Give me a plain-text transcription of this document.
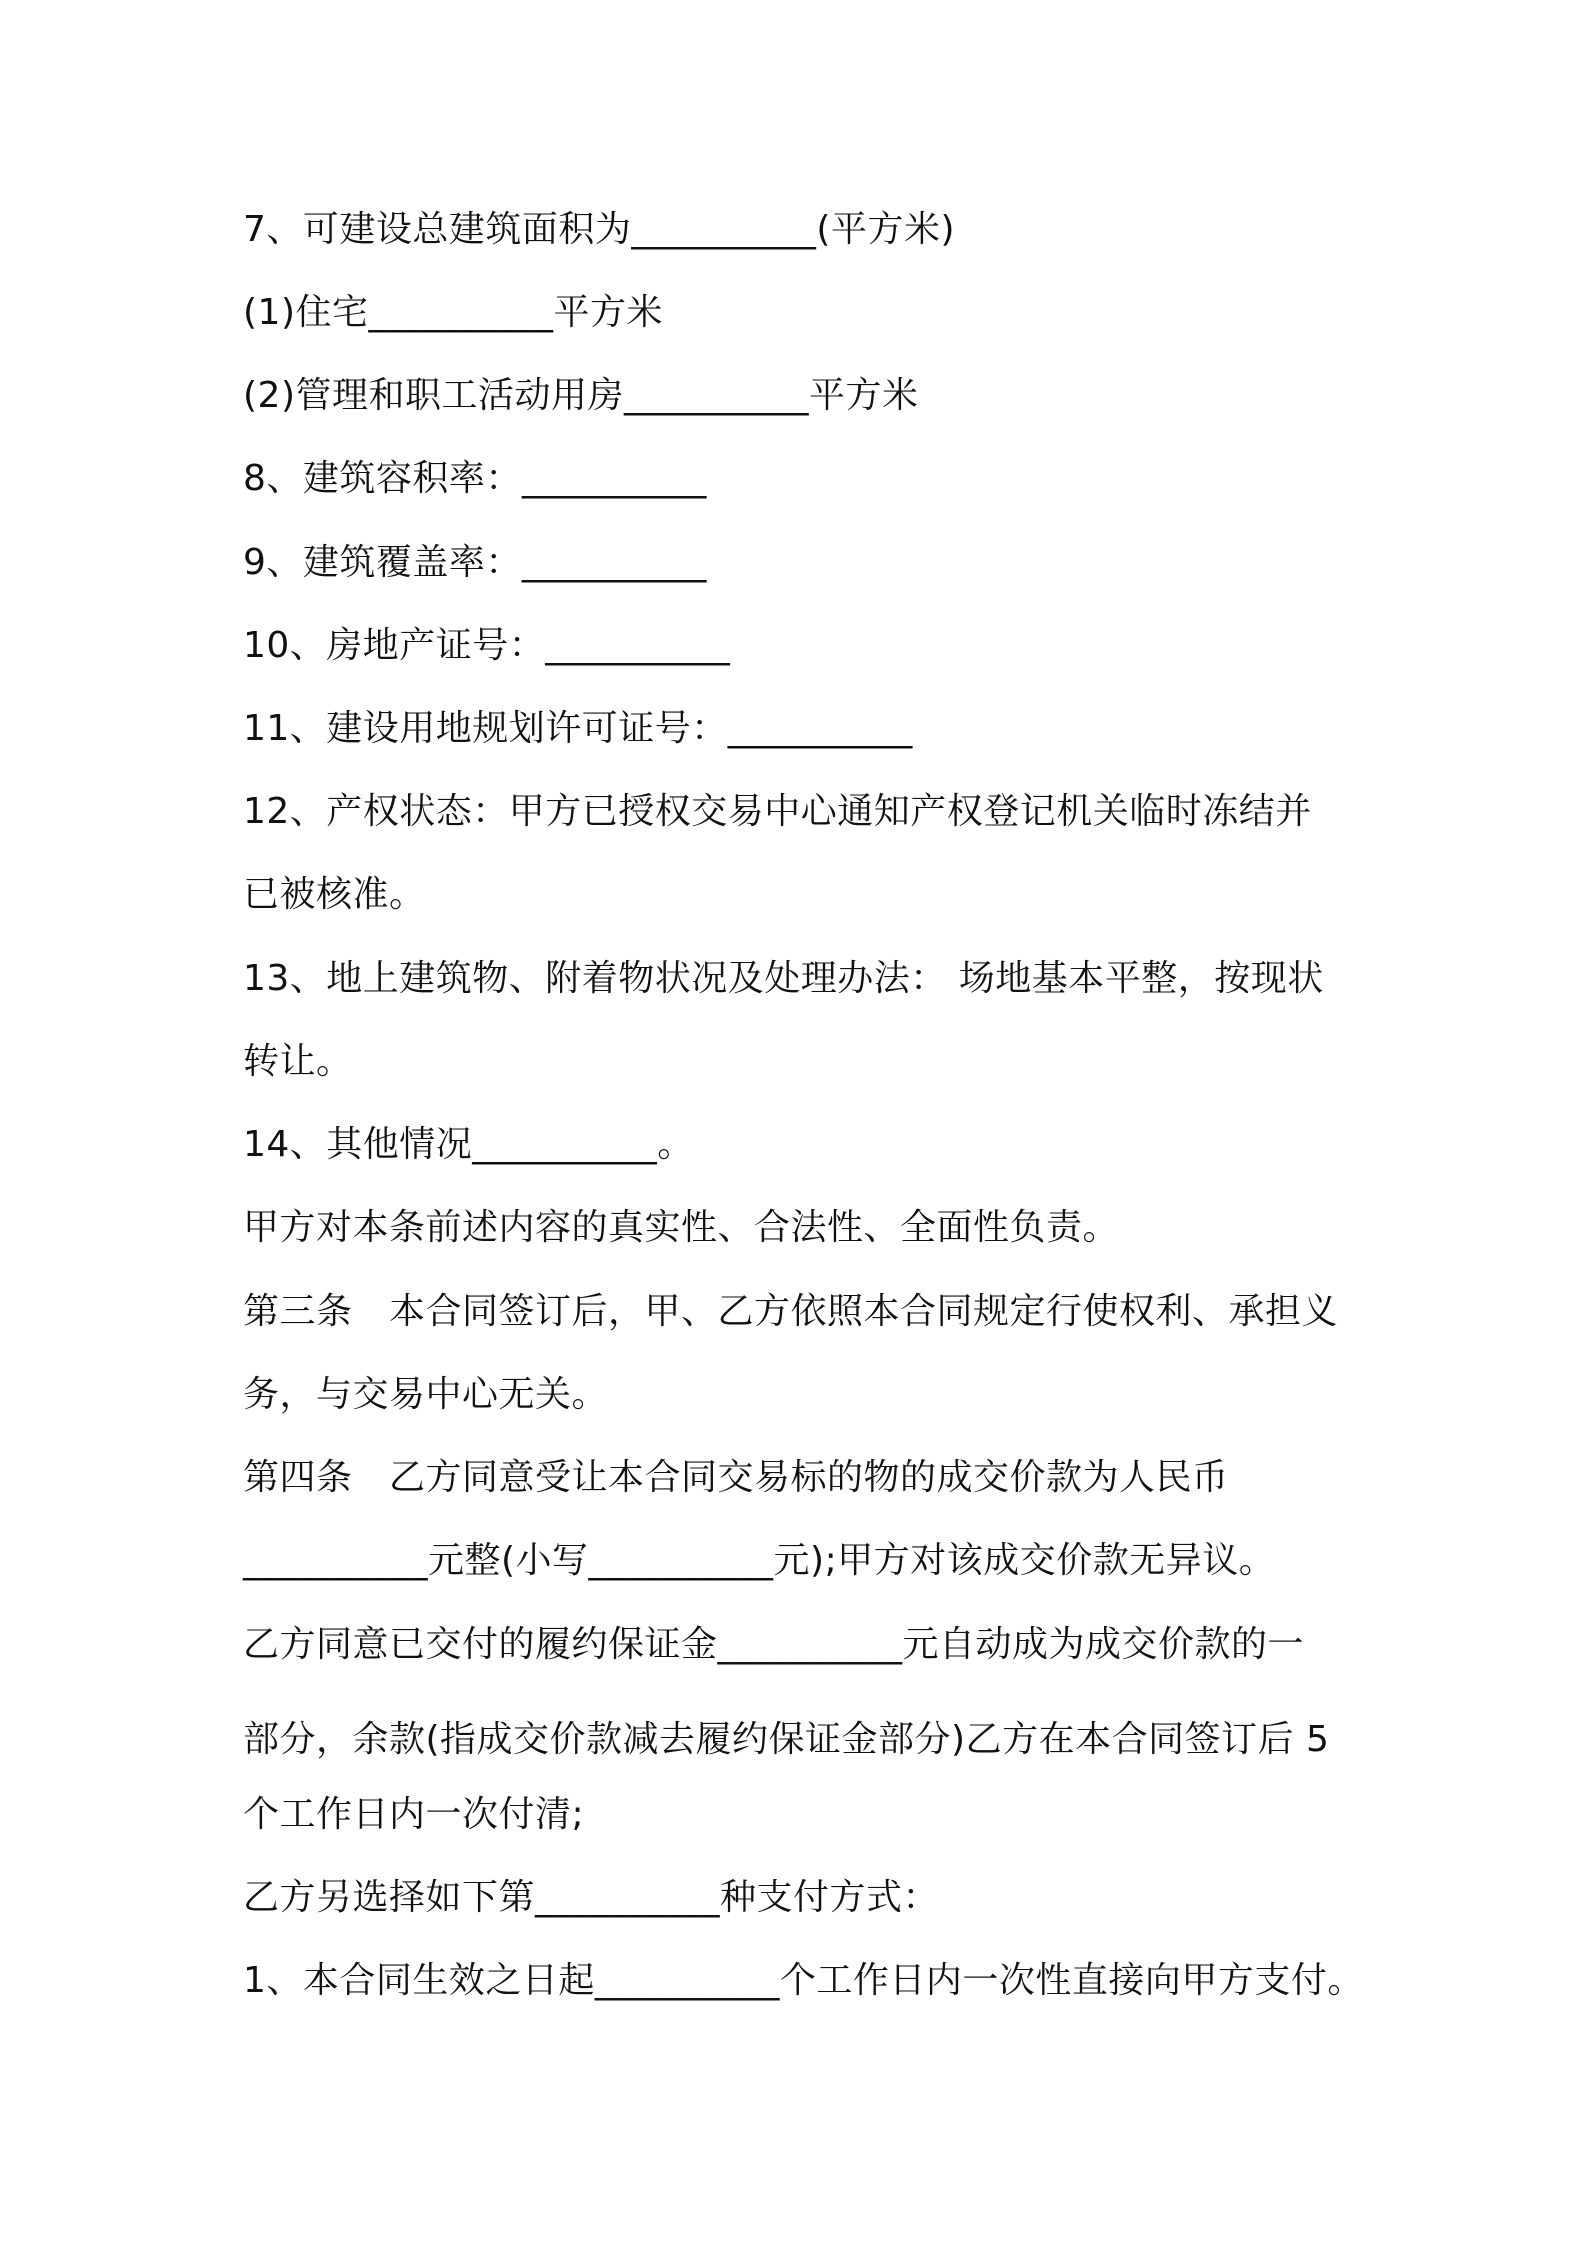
7、可建设总建筑面积为__________(平方米)
(1)住宅__________平方米
(2)管理和职工活动用房__________平方米
8、建筑容积率：__________
9、建筑覆盖率：__________
10、房地产证号：__________
11、建设用地规划许可证号：__________
12、产权状态：甲方已授权交易中心通知产权登记机关临时冻结并
已被核准。
13、地上建筑物、附着物状况及处理办法： 场地基本平整，按现状
转让。
14、其他情况__________。
甲方对本条前述内容的真实性、合法性、全面性负责。
第三条　本合同签订后，甲、乙方依照本合同规定行使权利、承担义
务，与交易中心无关。
第四条　乙方同意受让本合同交易标的物的成交价款为人民币
__________元整(小写__________元);甲方对该成交价款无异议。
乙方同意已交付的履约保证金__________元自动成为成交价款的一
部分，余款(指成交价款减去履约保证金部分)乙方在本合同签订后 5
个工作日内一次付清;
乙方另选择如下第__________种支付方式：
1、本合同生效之日起__________个工作日内一次性直接向甲方支付。
